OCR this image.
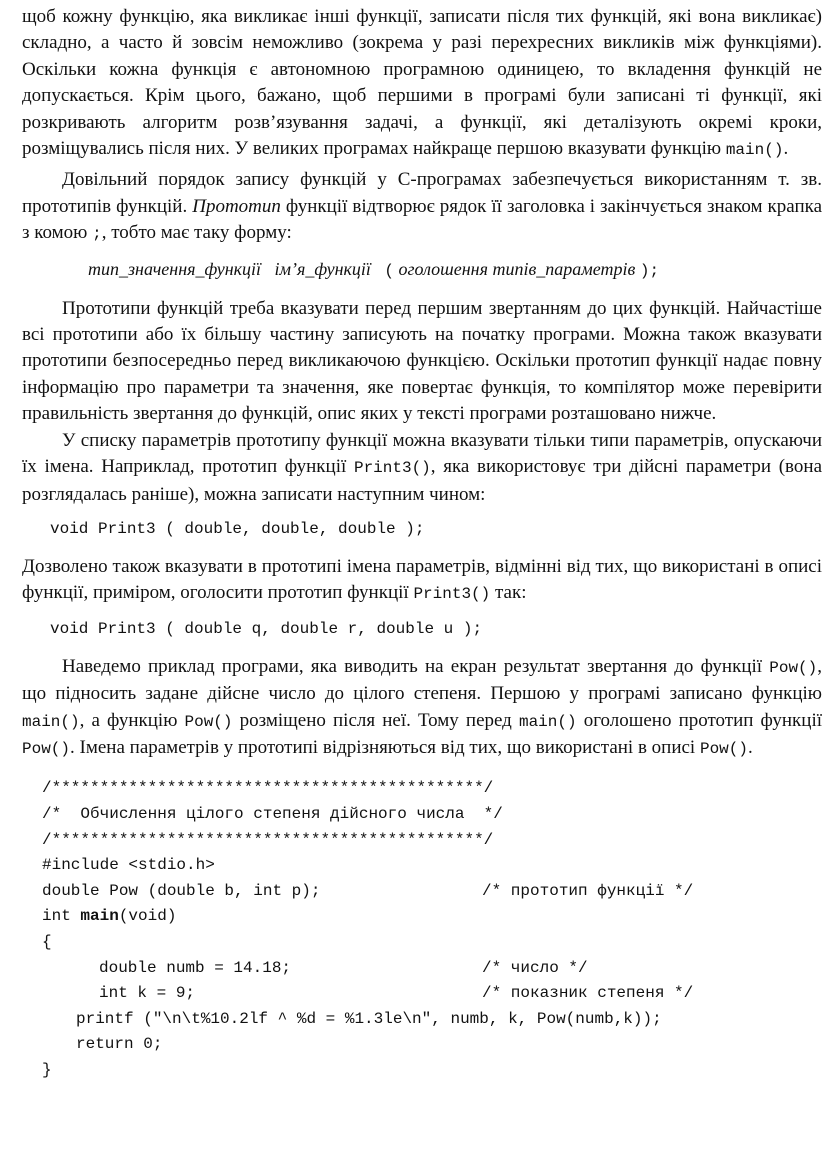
щоб кожну функцію, яка викликає інші функції, записати після тих функцій, які вона викликає) складно, а часто й зовсім неможливо (зокрема у разі перехресних викликів між функціями). Оскільки кожна функція є автономною програмною одиницею, то вкладення функцій не допускається. Крім цього, бажано, щоб першими в програмі були записані ті функції, які розкривають алгоритм розв’язування задачі, а функції, які деталізують окремі кроки, розміщувались після них. У великих програмах найкраще першою вказувати функцію main().

Довільний порядок запису функцій у С-програмах забезпечується використанням т. зв. прототипів функцій. Прототип функції відтворює рядок її заголовка і закінчується знаком крапка з комою ;, тобто має таку форму:

тип_значення_функції ім’я_функції ( оголошення типів_параметрів );

Прототипи функцій треба вказувати перед першим звертанням до цих функцій. Найчастіше всі прототипи або їх більшу частину записують на початку програми. Можна також вказувати прототипи безпосередньо перед викликаючою функцією. Оскільки прототип функції надає повну інформацію про параметри та значення, яке повертає функція, то компілятор може перевірити правильність звертання до функцій, опис яких у тексті програми розташовано нижче.

У списку параметрів прототипу функції можна вказувати тільки типи параметрів, опускаючи їх імена. Наприклад, прототип функції Print3(), яка використовує три дійсні параметри (вона розглядалась раніше), можна записати наступним чином:

void Print3 ( double, double, double );

Дозволено також вказувати в прототипі імена параметрів, відмінні від тих, що використані в описі функції, приміром, оголосити прототип функції Print3() так:

void Print3 ( double q, double r, double u );

Наведемо приклад програми, яка виводить на екран результат звертання до функції Pow(), що підносить задане дійсне число до цілого степеня. Першою у програмі записано функцію main(), а функцію Pow() розміщено після неї. Тому перед main() оголошено прототип функції Pow(). Імена параметрів у прототипі відрізняються від тих, що використані в описі Pow().

/*********************************************/
/*  Обчислення цілого степеня дійсного числа  */
/*********************************************/
#include <stdio.h>
double Pow (double b, int p);	/* прототип функції */
int main(void)
{
double numb = 14.18;	/* число */
int k = 9;	/* показник степеня */
printf ("\n\t%10.2lf ^ %d = %1.3le\n", numb, k, Pow(numb,k));
return 0;
}
